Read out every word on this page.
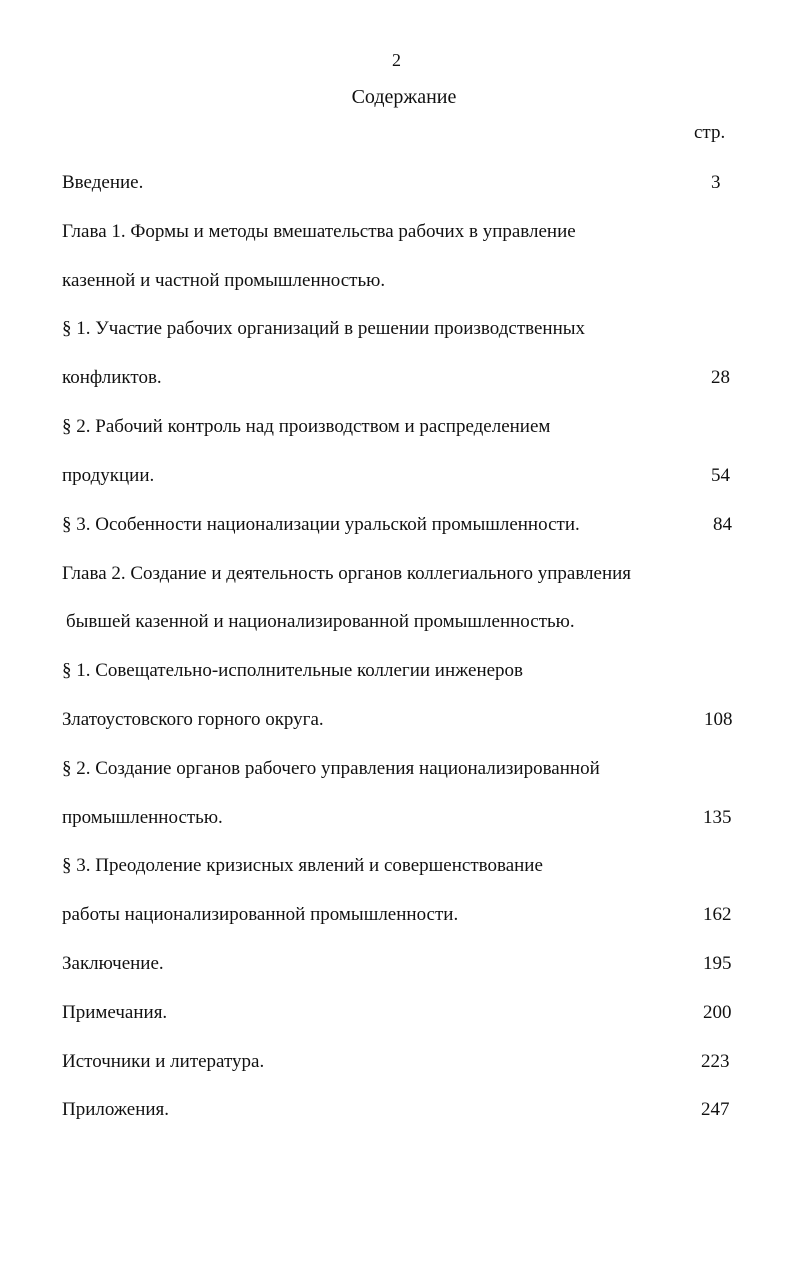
2
Содержание
стр.
Введение.	3
Глава 1. Формы и методы вмешательства рабочих в управление
казенной и частной промышленностью.
§ 1. Участие рабочих организаций в решении производственных
конфликтов.	28
§ 2. Рабочий контроль над производством и распределением
продукции.	54
§ 3. Особенности национализации уральской промышленности.	84
Глава 2. Создание и деятельность органов коллегиального управления
бывшей казенной и национализированной промышленностью.
§ 1. Совещательно-исполнительные коллегии инженеров
Златоустовского горного округа.	108
§ 2. Создание органов рабочего управления национализированной
промышленностью.	135
§ 3. Преодоление кризисных явлений и совершенствование
работы национализированной промышленности.	162
Заключение.	195
Примечания.	200
Источники и литература.	223
Приложения.	247
